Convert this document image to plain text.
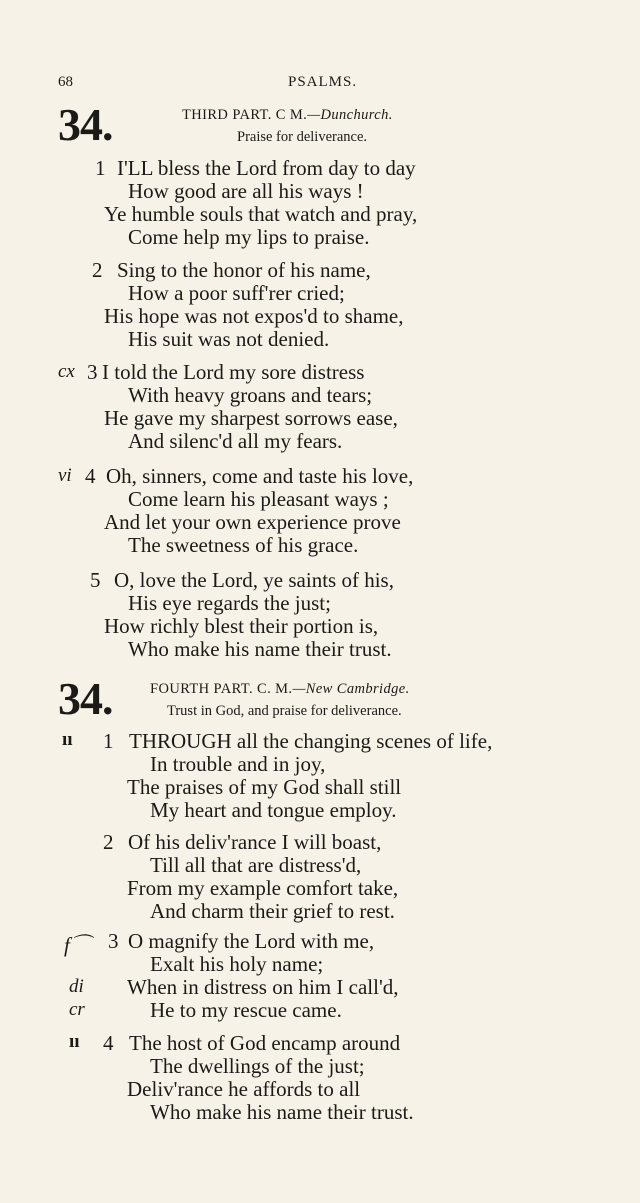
68	PSALMS.
34.	THIRD PART. C M.—Dunchurch.
Praise for deliverance.
1 I'LL bless the Lord from day to day
How good are all his ways !
Ye humble souls that watch and pray,
Come help my lips to praise.
2 Sing to the honor of his name,
How a poor suff'rer cried;
His hope was not expos'd to shame,
His suit was not denied.
cx 3 I told the Lord my sore distress
With heavy groans and tears;
He gave my sharpest sorrows ease,
And silenc'd all my fears.
vi 4 Oh, sinners, come and taste his love,
Come learn his pleasant ways ;
And let your own experience prove
The sweetness of his grace.
5 O, love the Lord, ye saints of his,
His eye regards the just;
How richly blest their portion is,
Who make his name their trust.
34.	FOURTH PART. C. M.—New Cambridge.
Trust in God, and praise for deliverance.
ıı 1 THROUGH all the changing scenes of life,
In trouble and in joy,
The praises of my God shall still
My heart and tongue employ.
2 Of his deliv'rance I will boast,
Till all that are distress'd,
From my example comfort take,
And charm their grief to rest.
f⌒ 3 O magnify the Lord with me,
Exalt his holy name;
di When in distress on him I call'd,
cr	He to my rescue came.
ıı 4 The host of God encamp around
The dwellings of the just;
Deliv'rance he affords to all
Who make his name their trust.
